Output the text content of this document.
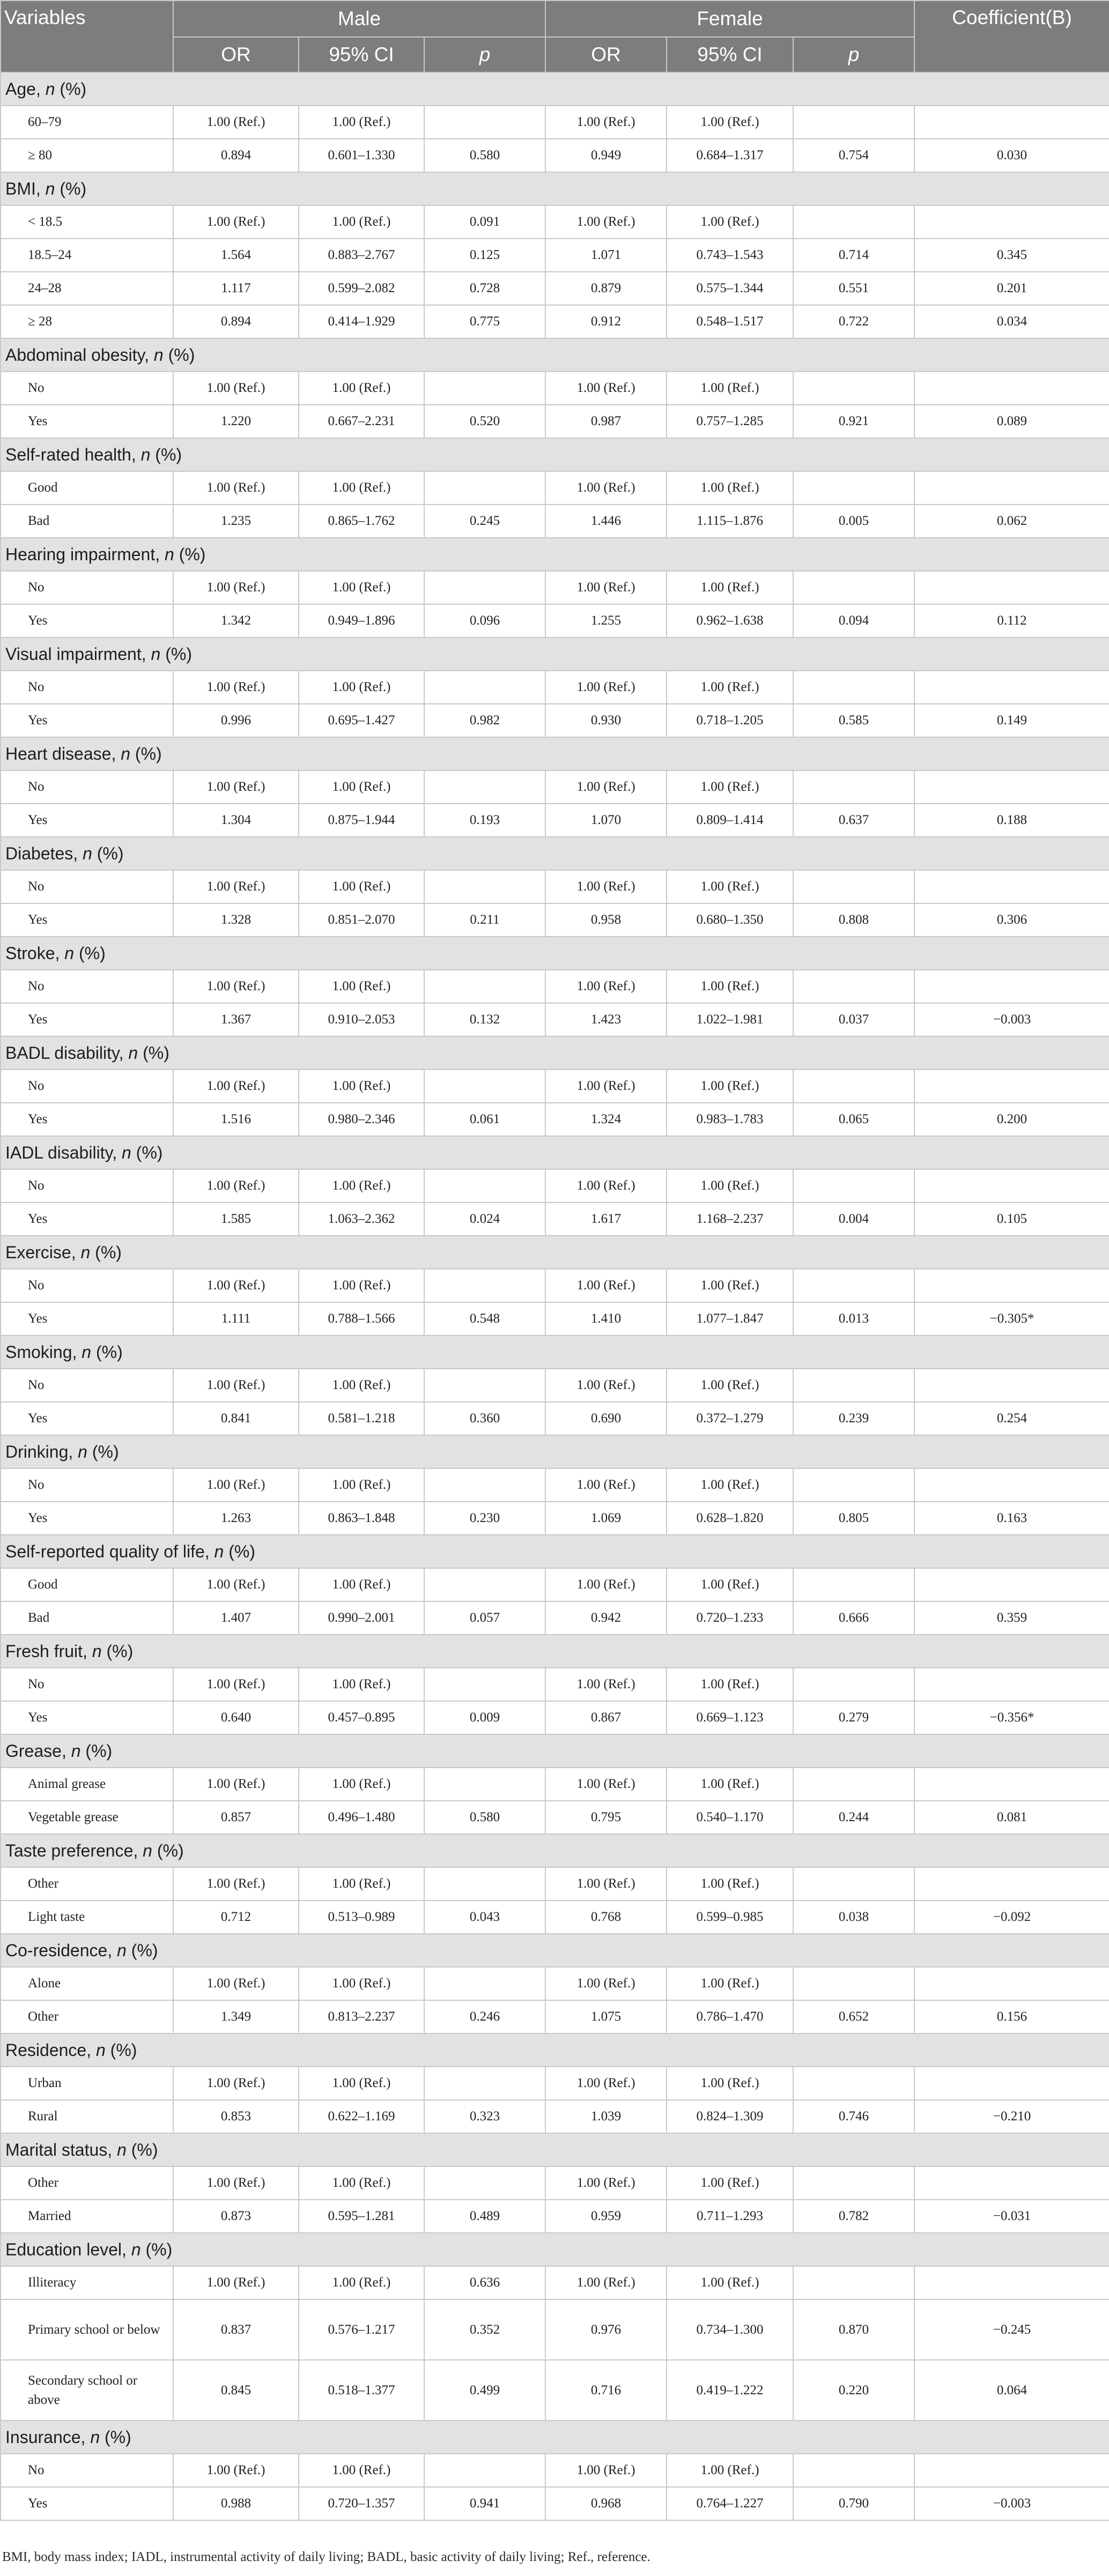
Variables	Male			Female			Coefficient(B)
	OR	95% CI	p	OR	95% CI	p	
Age, n (%)							
60–79	1.00 (Ref.)	1.00 (Ref.)		1.00 (Ref.)	1.00 (Ref.)		
≥ 80	0.894	0.601–1.330	0.580	0.949	0.684–1.317	0.754	0.030
BMI, n (%)							
< 18.5	1.00 (Ref.)	1.00 (Ref.)	0.091	1.00 (Ref.)	1.00 (Ref.)		
18.5–24	1.564	0.883–2.767	0.125	1.071	0.743–1.543	0.714	0.345
24–28	1.117	0.599–2.082	0.728	0.879	0.575–1.344	0.551	0.201
≥ 28	0.894	0.414–1.929	0.775	0.912	0.548–1.517	0.722	0.034
Abdominal obesity, n (%)							
No	1.00 (Ref.)	1.00 (Ref.)		1.00 (Ref.)	1.00 (Ref.)		
Yes	1.220	0.667–2.231	0.520	0.987	0.757–1.285	0.921	0.089
Self-rated health, n (%)							
Good	1.00 (Ref.)	1.00 (Ref.)		1.00 (Ref.)	1.00 (Ref.)		
Bad	1.235	0.865–1.762	0.245	1.446	1.115–1.876	0.005	0.062
Hearing impairment, n (%)							
No	1.00 (Ref.)	1.00 (Ref.)		1.00 (Ref.)	1.00 (Ref.)		
Yes	1.342	0.949–1.896	0.096	1.255	0.962–1.638	0.094	0.112
Visual impairment, n (%)							
No	1.00 (Ref.)	1.00 (Ref.)		1.00 (Ref.)	1.00 (Ref.)		
Yes	0.996	0.695–1.427	0.982	0.930	0.718–1.205	0.585	0.149
Heart disease, n (%)							
No	1.00 (Ref.)	1.00 (Ref.)		1.00 (Ref.)	1.00 (Ref.)		
Yes	1.304	0.875–1.944	0.193	1.070	0.809–1.414	0.637	0.188
Diabetes, n (%)							
No	1.00 (Ref.)	1.00 (Ref.)		1.00 (Ref.)	1.00 (Ref.)		
Yes	1.328	0.851–2.070	0.211	0.958	0.680–1.350	0.808	0.306
Stroke, n (%)							
No	1.00 (Ref.)	1.00 (Ref.)		1.00 (Ref.)	1.00 (Ref.)		
Yes	1.367	0.910–2.053	0.132	1.423	1.022–1.981	0.037	−0.003
BADL disability, n (%)							
No	1.00 (Ref.)	1.00 (Ref.)		1.00 (Ref.)	1.00 (Ref.)		
Yes	1.516	0.980–2.346	0.061	1.324	0.983–1.783	0.065	0.200
IADL disability, n (%)							
No	1.00 (Ref.)	1.00 (Ref.)		1.00 (Ref.)	1.00 (Ref.)		
Yes	1.585	1.063–2.362	0.024	1.617	1.168–2.237	0.004	0.105
Exercise, n (%)							
No	1.00 (Ref.)	1.00 (Ref.)		1.00 (Ref.)	1.00 (Ref.)		
Yes	1.111	0.788–1.566	0.548	1.410	1.077–1.847	0.013	−0.305*
Smoking, n (%)							
No	1.00 (Ref.)	1.00 (Ref.)		1.00 (Ref.)	1.00 (Ref.)		
Yes	0.841	0.581–1.218	0.360	0.690	0.372–1.279	0.239	0.254
Drinking, n (%)							
No	1.00 (Ref.)	1.00 (Ref.)		1.00 (Ref.)	1.00 (Ref.)		
Yes	1.263	0.863–1.848	0.230	1.069	0.628–1.820	0.805	0.163
Self-reported quality of life, n (%)							
Good	1.00 (Ref.)	1.00 (Ref.)		1.00 (Ref.)	1.00 (Ref.)		
Bad	1.407	0.990–2.001	0.057	0.942	0.720–1.233	0.666	0.359
Fresh fruit, n (%)							
No	1.00 (Ref.)	1.00 (Ref.)		1.00 (Ref.)	1.00 (Ref.)		
Yes	0.640	0.457–0.895	0.009	0.867	0.669–1.123	0.279	−0.356*
Grease, n (%)							
Animal grease	1.00 (Ref.)	1.00 (Ref.)		1.00 (Ref.)	1.00 (Ref.)		
Vegetable grease	0.857	0.496–1.480	0.580	0.795	0.540–1.170	0.244	0.081
Taste preference, n (%)							
Other	1.00 (Ref.)	1.00 (Ref.)		1.00 (Ref.)	1.00 (Ref.)		
Light taste	0.712	0.513–0.989	0.043	0.768	0.599–0.985	0.038	−0.092
Co-residence, n (%)							
Alone	1.00 (Ref.)	1.00 (Ref.)		1.00 (Ref.)	1.00 (Ref.)		
Other	1.349	0.813–2.237	0.246	1.075	0.786–1.470	0.652	0.156
Residence, n (%)							
Urban	1.00 (Ref.)	1.00 (Ref.)		1.00 (Ref.)	1.00 (Ref.)		
Rural	0.853	0.622–1.169	0.323	1.039	0.824–1.309	0.746	−0.210
Marital status, n (%)							
Other	1.00 (Ref.)	1.00 (Ref.)		1.00 (Ref.)	1.00 (Ref.)		
Married	0.873	0.595–1.281	0.489	0.959	0.711–1.293	0.782	−0.031
Education level, n (%)							
Illiteracy	1.00 (Ref.)	1.00 (Ref.)	0.636	1.00 (Ref.)	1.00 (Ref.)		
Primary school or below	0.837	0.576–1.217	0.352	0.976	0.734–1.300	0.870	−0.245
Secondary school or above	0.845	0.518–1.377	0.499	0.716	0.419–1.222	0.220	0.064
Insurance, n (%)							
No	1.00 (Ref.)	1.00 (Ref.)		1.00 (Ref.)	1.00 (Ref.)		
Yes	0.988	0.720–1.357	0.941	0.968	0.764–1.227	0.790	−0.003
BMI, body mass index; IADL, instrumental activity of daily living; BADL, basic activity of daily living; Ref., reference.
